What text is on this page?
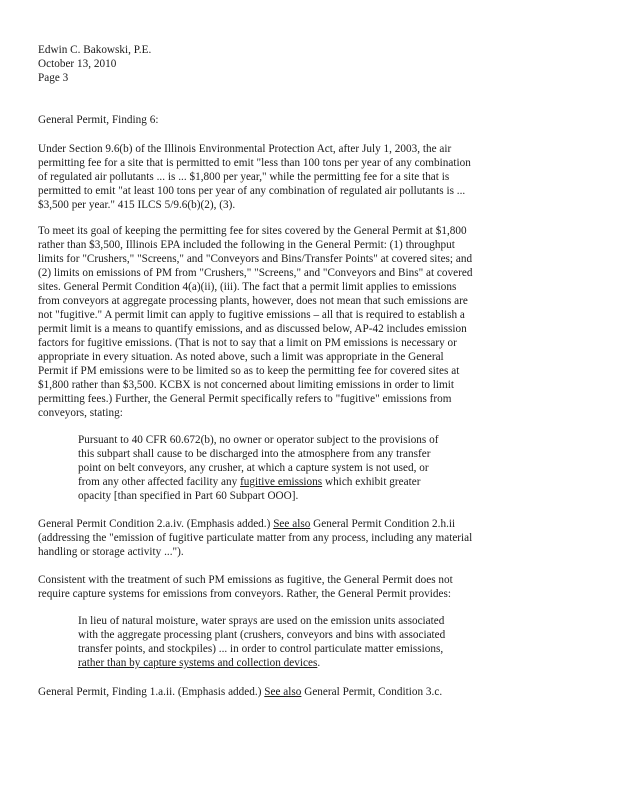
Edwin C. Bakowski, P.E.
October 13, 2010
Page 3
General Permit, Finding 6:
Under Section 9.6(b) of the Illinois Environmental Protection Act, after July 1, 2003, the air
permitting fee for a site that is permitted to emit "less than 100 tons per year of any combination
of regulated air pollutants ... is ... $1,800 per year," while the permitting fee for a site that is
permitted to emit "at least 100 tons per year of any combination of regulated air pollutants is ...
$3,500 per year." 415 ILCS 5/9.6(b)(2), (3).
To meet its goal of keeping the permitting fee for sites covered by the General Permit at $1,800
rather than $3,500, Illinois EPA included the following in the General Permit: (1) throughput
limits for "Crushers," "Screens," and "Conveyors and Bins/Transfer Points" at covered sites; and
(2) limits on emissions of PM from "Crushers," "Screens," and "Conveyors and Bins" at covered
sites. General Permit Condition 4(a)(ii), (iii). The fact that a permit limit applies to emissions
from conveyors at aggregate processing plants, however, does not mean that such emissions are
not "fugitive." A permit limit can apply to fugitive emissions – all that is required to establish a
permit limit is a means to quantify emissions, and as discussed below, AP-42 includes emission
factors for fugitive emissions. (That is not to say that a limit on PM emissions is necessary or
appropriate in every situation. As noted above, such a limit was appropriate in the General
Permit if PM emissions were to be limited so as to keep the permitting fee for covered sites at
$1,800 rather than $3,500. KCBX is not concerned about limiting emissions in order to limit
permitting fees.) Further, the General Permit specifically refers to "fugitive" emissions from
conveyors, stating:
Pursuant to 40 CFR 60.672(b), no owner or operator subject to the provisions of
this subpart shall cause to be discharged into the atmosphere from any transfer
point on belt conveyors, any crusher, at which a capture system is not used, or
from any other affected facility any fugitive emissions which exhibit greater
opacity [than specified in Part 60 Subpart OOO].
General Permit Condition 2.a.iv. (Emphasis added.) See also General Permit Condition 2.h.ii
(addressing the "emission of fugitive particulate matter from any process, including any material
handling or storage activity ...").
Consistent with the treatment of such PM emissions as fugitive, the General Permit does not
require capture systems for emissions from conveyors. Rather, the General Permit provides:
In lieu of natural moisture, water sprays are used on the emission units associated
with the aggregate processing plant (crushers, conveyors and bins with associated
transfer points, and stockpiles) ... in order to control particulate matter emissions,
rather than by capture systems and collection devices.
General Permit, Finding 1.a.ii. (Emphasis added.) See also General Permit, Condition 3.c.
